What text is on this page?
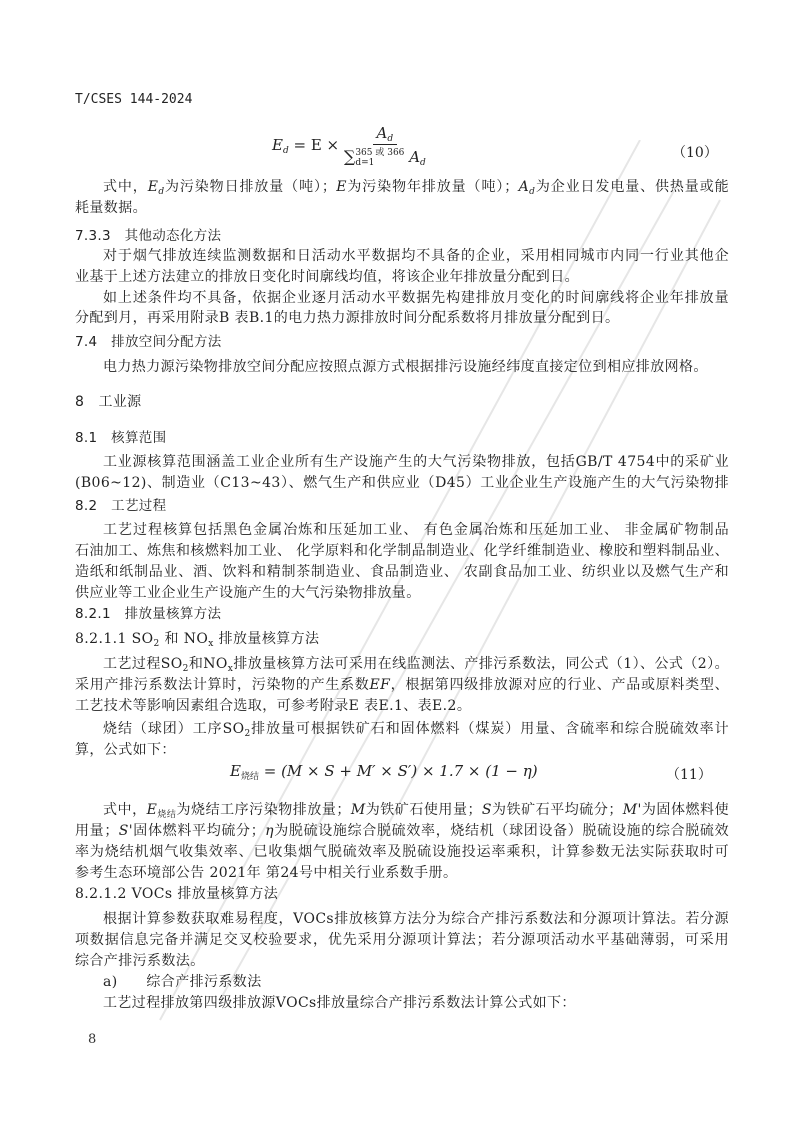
T/CSES 144-2024
$E_d = E \times A_d$
∑ 365 或 366
d=1	$A_d$	（10）
$E_{烧结} = (M \times S + M' \times S') \times 1.7 \times (1 - \eta)$	（11）
式中，$E_d$为污染物日排放量（吨）；E为污染物年排放量（吨）；$A_d$为企业日发电量、供热量或能
耗量数据。
7.3.3　其他动态化方法
对于烟气排放连续监测数据和日活动水平数据均不具备的企业，采用相同城市内同一行业其他企
业基于上述方法建立的排放日变化时间廓线均值，将该企业年排放量分配到日。
如上述条件均不具备，依据企业逐月活动水平数据先构建排放月变化的时间廓线将企业年排放量
分配到月，再采用附录B 表B.1的电力热力源排放时间分配系数将月排放量分配到日。
7.4　排放空间分配方法
电力热力源污染物排放空间分配应按照点源方式根据排污设施经纬度直接定位到相应排放网格。
8　工业源
8.1　核算范围
工业源核算范围涵盖工业企业所有生产设施产生的大气污染物排放，包括GB/T 4754中的采矿业
(B06~12)、制造业（C13~43）、燃气生产和供应业（D45）工业企业生产设施产生的大气污染物排
8.2　工艺过程
工艺过程核算包括黑色金属冶炼和压延加工业、 有色金属冶炼和压延加工业、 非金属矿物制品
石油加工、炼焦和核燃料加工业、 化学原料和化学制品制造业、化学纤维制造业、橡胶和塑料制品业、
造纸和纸制品业、酒、饮料和精制茶制造业、食品制造业、 农副食品加工业、纺织业以及燃气生产和
供应业等工业企业生产设施产生的大气污染物排放量。
8.2.1　排放量核算方法
8.2.1.1 $SO_2$ 和 $NO_x$ 排放量核算方法
工艺过程$SO_2$和$NO_x$排放量核算方法可采用在线监测法、产排污系数法，同公式（1）、公式（2）。
采用产排污系数法计算时，污染物的产生系数EF，根据第四级排放源对应的行业、产品或原料类型、
工艺技术等影响因素组合选取，可参考附录E 表E.1、表E.2。
烧结（球团）工序$SO_2$排放量可根据铁矿石和固体燃料（煤炭）用量、含硫率和综合脱硫效率计
算，公式如下：
式中，$E_{烧结}$为烧结工序污染物排放量；M为铁矿石使用量；S为铁矿石平均硫分；M'为固体燃料使
用量；S'固体燃料平均硫分；η为脱硫设施综合脱硫效率，烧结机（球团设备）脱硫设施的综合脱硫效
率为烧结机烟气收集效率、已收集烟气脱硫效率及脱硫设施投运率乘积，计算参数无法实际获取时可
参考生态环境部公告 2021年 第24号中相关行业系数手册。
8.2.1.2 VOCs 排放量核算方法
根据计算参数获取难易程度，VOCs排放核算方法分为综合产排污系数法和分源项计算法。若分源
项数据信息完备并满足交叉校验要求，优先采用分源项计算法；若分源项活动水平基础薄弱，可采用
综合产排污系数法。
a)　　综合产排污系数法
工艺过程排放第四级排放源VOCs排放量综合产排污系数法计算公式如下：
8
